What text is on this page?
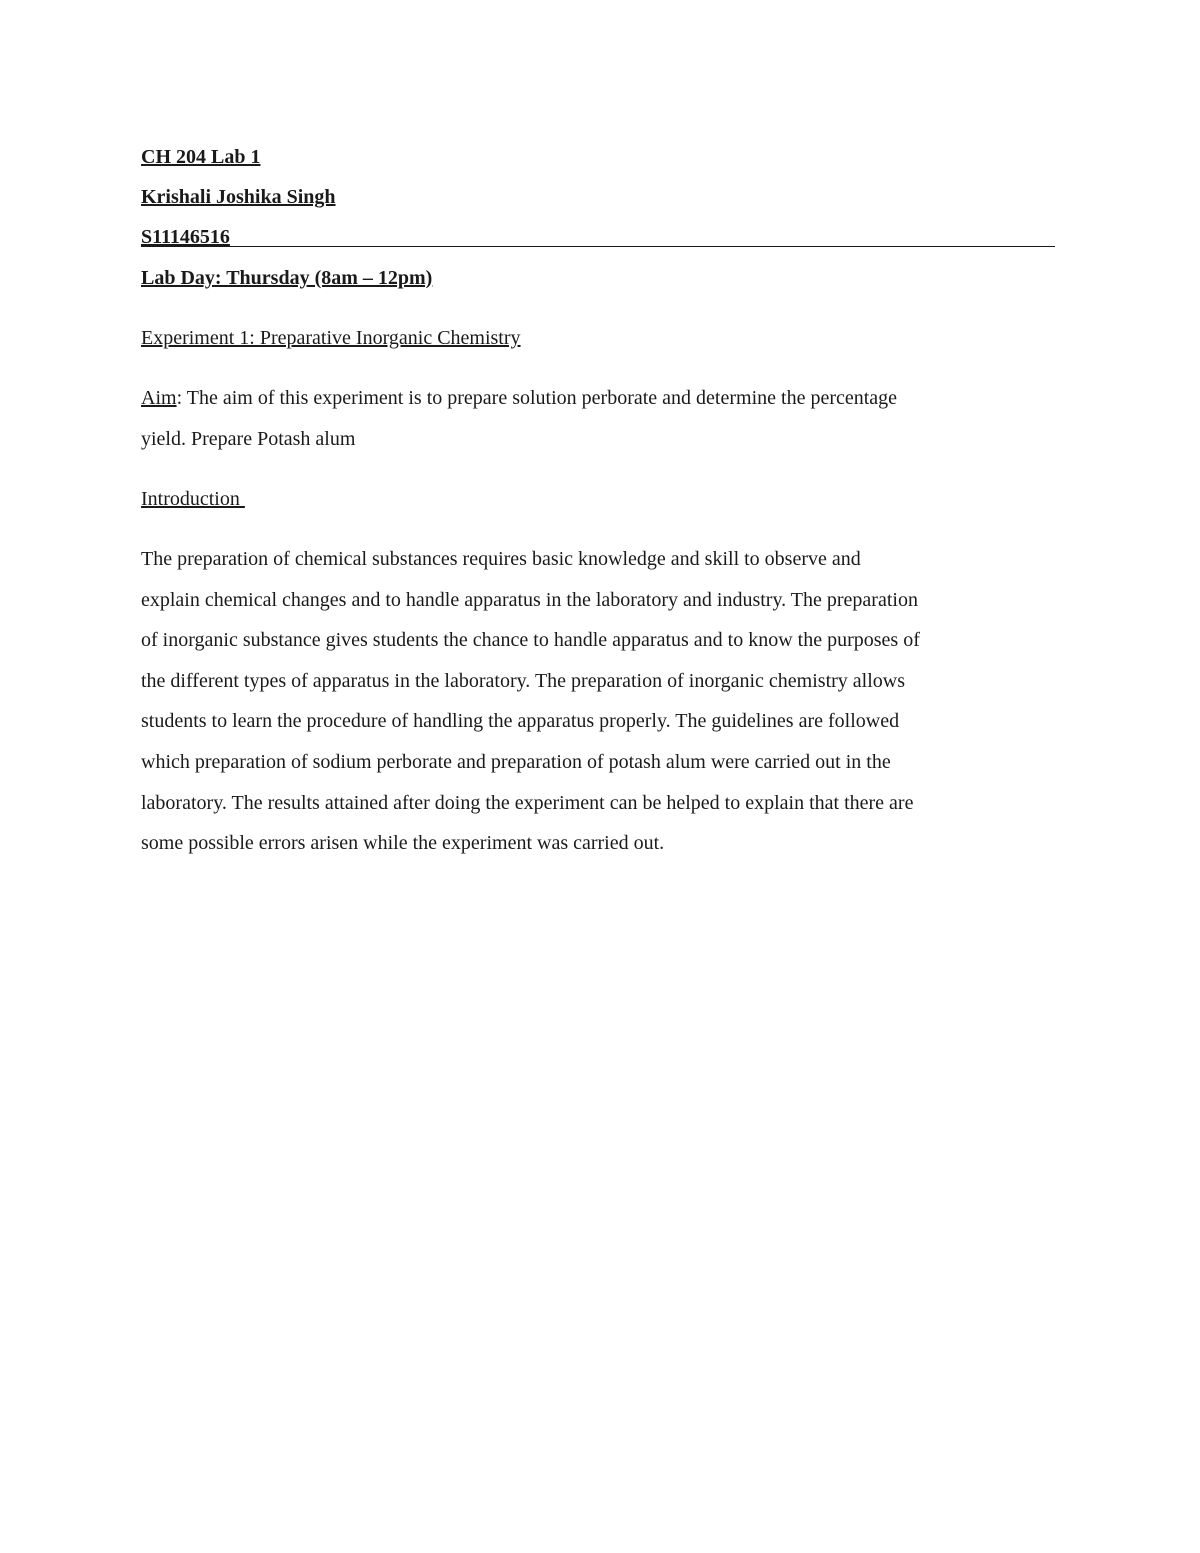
CH 204 Lab 1
Krishali Joshika Singh
S11146516
Lab Day: Thursday (8am – 12pm)
Experiment 1: Preparative Inorganic Chemistry
Aim: The aim of this experiment is to prepare solution perborate and determine the percentage
yield. Prepare Potash alum
Introduction
The preparation of chemical substances requires basic knowledge and skill to observe and
explain chemical changes and to handle apparatus in the laboratory and industry. The preparation
of inorganic substance gives students the chance to handle apparatus and to know the purposes of
the different types of apparatus in the laboratory. The preparation of inorganic chemistry allows
students to learn the procedure of handling the apparatus properly. The guidelines are followed
which preparation of sodium perborate and preparation of potash alum were carried out in the
laboratory. The results attained after doing the experiment can be helped to explain that there are
some possible errors arisen while the experiment was carried out.
